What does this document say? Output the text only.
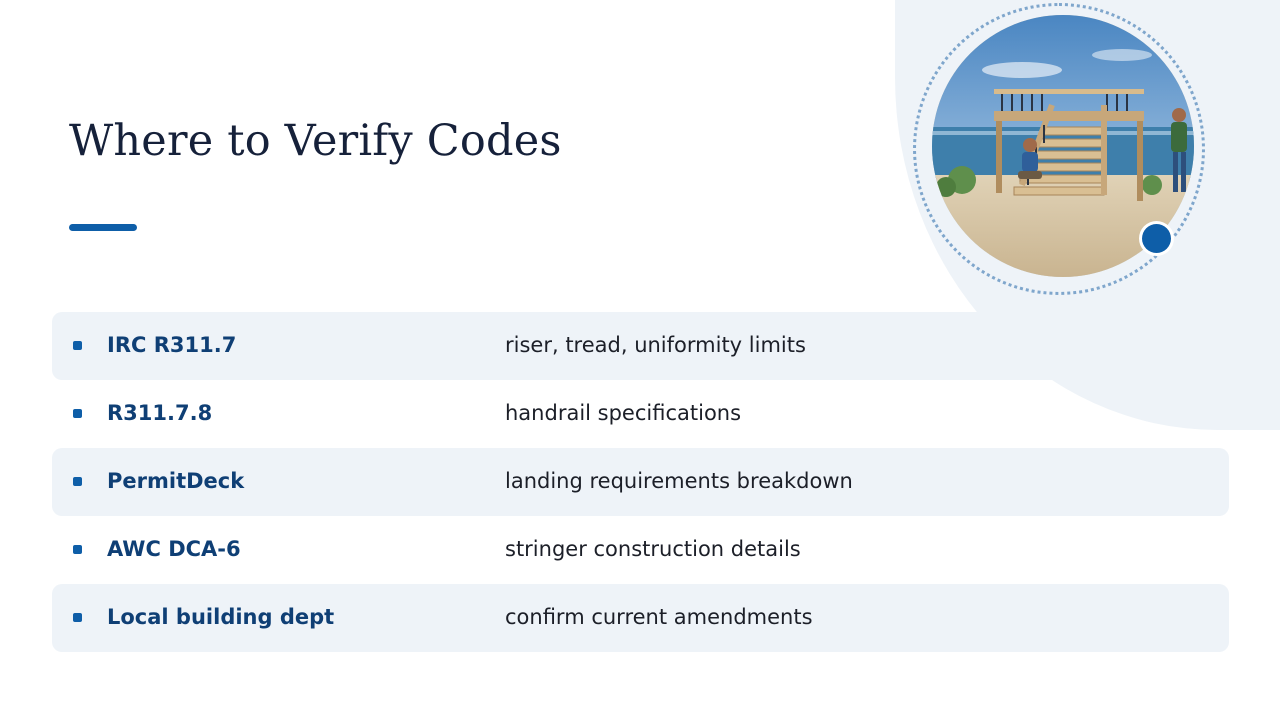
Where to Verify Codes
IRC R311.7	riser, tread, uniformity limits
R311.7.8	handrail specifications
PermitDeck	landing requirements breakdown
AWC DCA-6	stringer construction details
Local building dept	confirm current amendments
